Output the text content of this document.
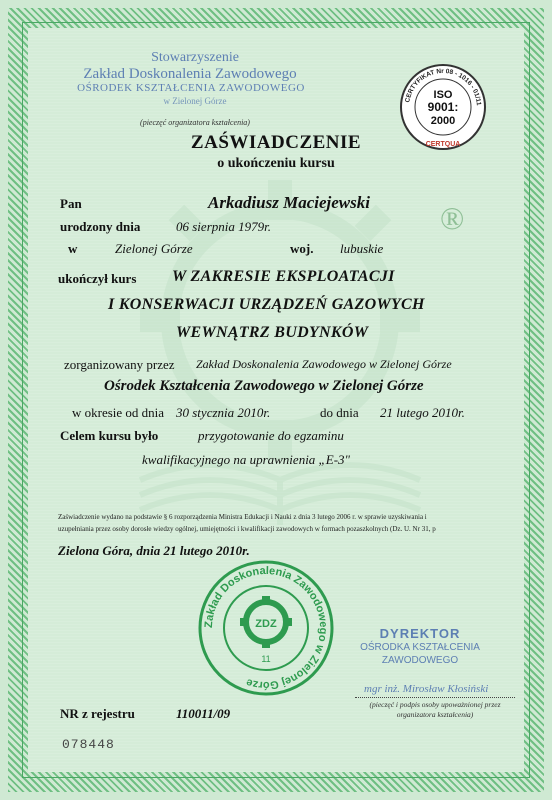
Stowarzyszenie
Zakład Doskonalenia Zawodowego
OŚRODEK KSZTAŁCENIA ZAWODOWEGO
w Zielonej Górze
(pieczęć organizatora kształcenia)
CERTYFIKAT Nr 08 - 1016 - 01/11
ISO
9001:
2000
CERTQUA
ZAŚWIADCZENIE
o ukończeniu kursu
Pan	Arkadiusz Maciejewski
urodzony dnia	06 sierpnia 1979r.
w	Zielonej Górze	woj. lubuskie
®
ukończył kurs W ZAKRESIE EKSPLOATACJI
I KONSERWACJI URZĄDZEŃ GAZOWYCH
WEWNĄTRZ BUDYNKÓW
zorganizowany przez Zakład Doskonalenia Zawodowego w Zielonej Górze
Ośrodek Kształcenia Zawodowego w Zielonej Górze
w okresie od dnia 30 stycznia 2010r.	do dnia 21 lutego 2010r.
Celem kursu było	przygotowanie do egzaminu
kwalifikacyjnego na uprawnienia „E-3"
Zaświadczenie wydano na podstawie § 6 rozporządzenia Ministra Edukacji i Nauki z dnia 3 lutego 2006 r. w sprawie uzyskiwania i
uzupełniania przez osoby dorosłe wiedzy ogólnej, umiejętności i kwalifikacji zawodowych w formach pozaszkolnych (Dz. U. Nr 31, p
Zielona Góra, dnia 21 lutego 2010r.
Zakład Doskonalenia Zawodowego w Zielonej Górze
ZDZ
11
DYREKTOR
OŚRODKA KSZTAŁCENIA
ZAWODOWEGO
mgr inż. Mirosław Kłosiński
(pieczęć i podpis osoby upoważnionej przez organizatora kształcenia)
NR z rejestru	110011/09
078448
